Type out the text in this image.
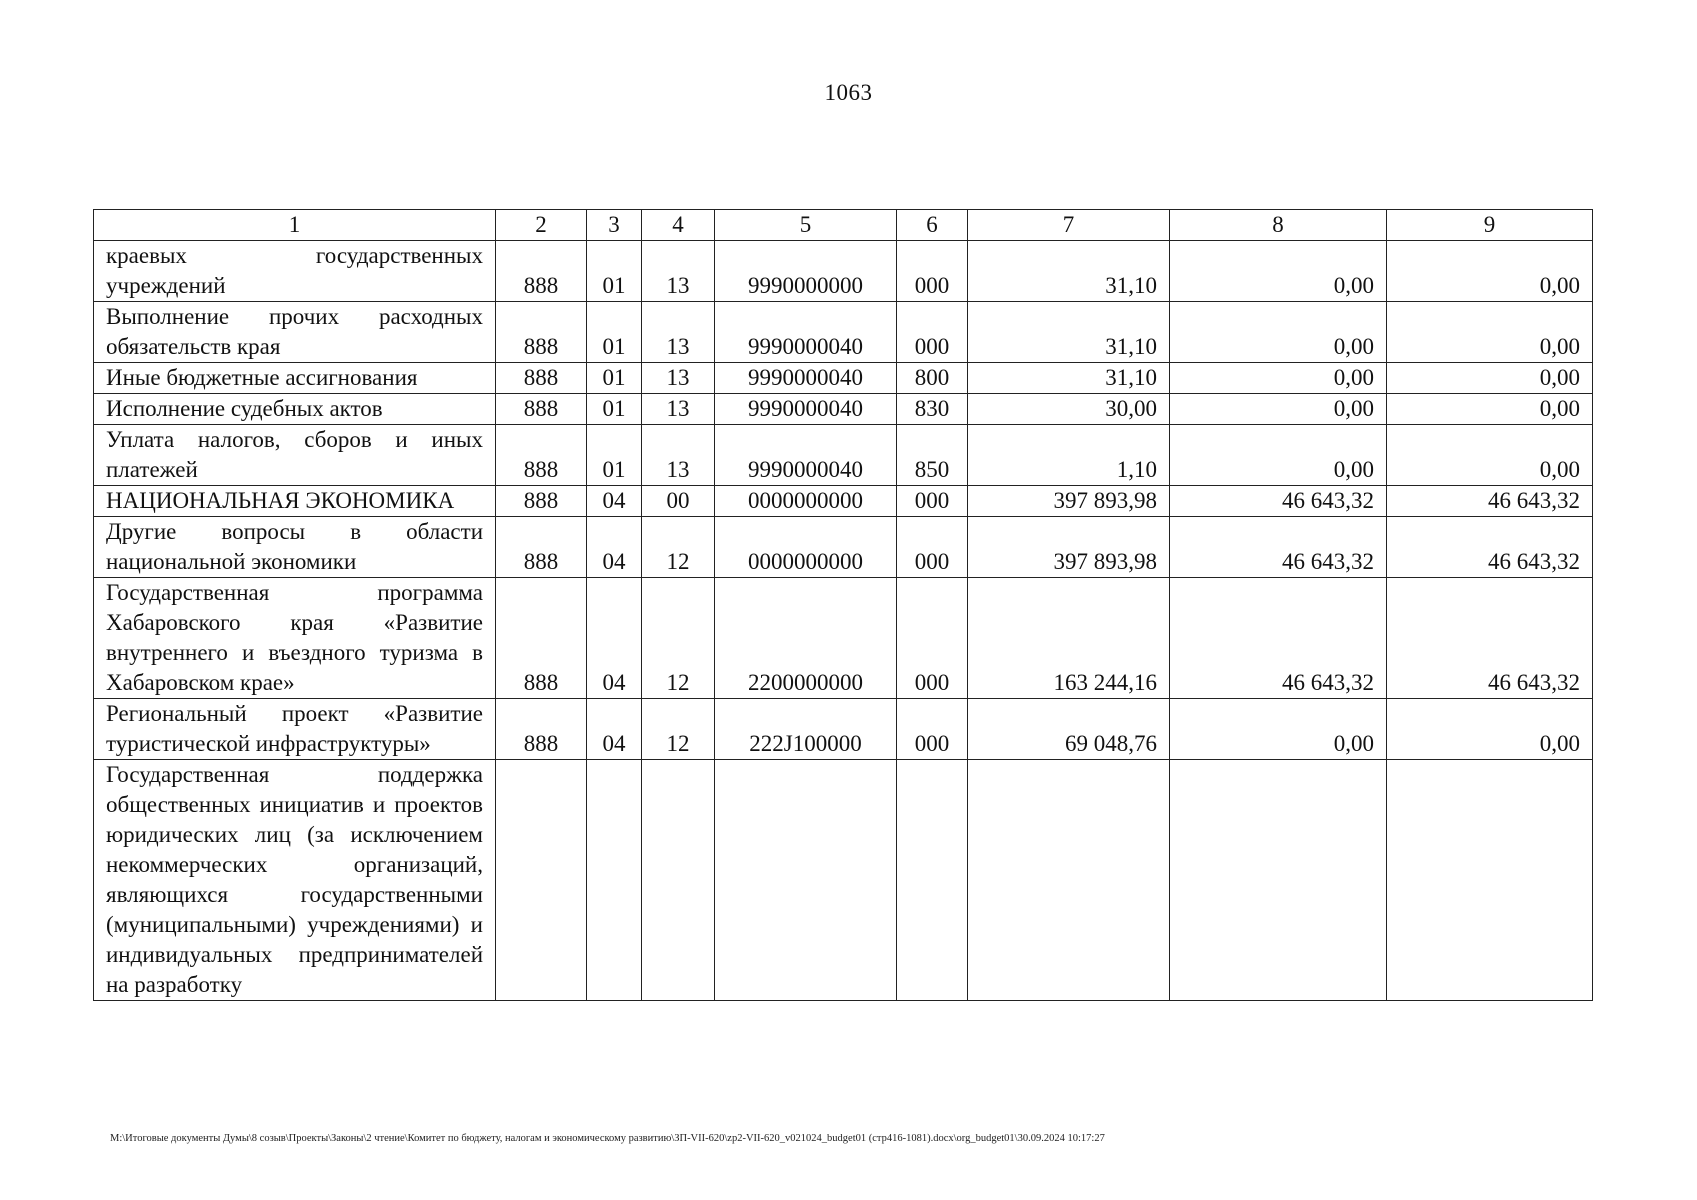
1063
1	2	3	4	5	6	7	8	9
краевых государственных учреждений	888	01	13	9990000000	000	31,10	0,00	0,00
Выполнение прочих расходных обязательств края	888	01	13	9990000040	000	31,10	0,00	0,00
Иные бюджетные ассигнования	888	01	13	9990000040	800	31,10	0,00	0,00
Исполнение судебных актов	888	01	13	9990000040	830	30,00	0,00	0,00
Уплата налогов, сборов и иных платежей	888	01	13	9990000040	850	1,10	0,00	0,00
НАЦИОНАЛЬНАЯ ЭКОНОМИКА	888	04	00	0000000000	000	397 893,98	46 643,32	46 643,32
Другие вопросы в области национальной экономики	888	04	12	0000000000	000	397 893,98	46 643,32	46 643,32
Государственная программа Хабаровского края «Развитие внутреннего и въездного туризма в Хабаровском крае»	888	04	12	2200000000	000	163 244,16	46 643,32	46 643,32
Региональный проект «Развитие туристической инфраструктуры»	888	04	12	222J100000	000	69 048,76	0,00	0,00
Государственная поддержка общественных инициатив и проектов юридических лиц (за исключением некоммерческих организаций, являющихся государственными (муниципальными) учреждениями) и индивидуальных предпринимателей на разработку								
М:\Итоговые документы Думы\8 созыв\Проекты\Законы\2 чтение\Комитет по бюджету, налогам и экономическому развитию\ЗП-VII-620\zp2-VII-620_v021024_budget01 (стр416-1081).docx\org_budget01\30.09.2024 10:17:27
